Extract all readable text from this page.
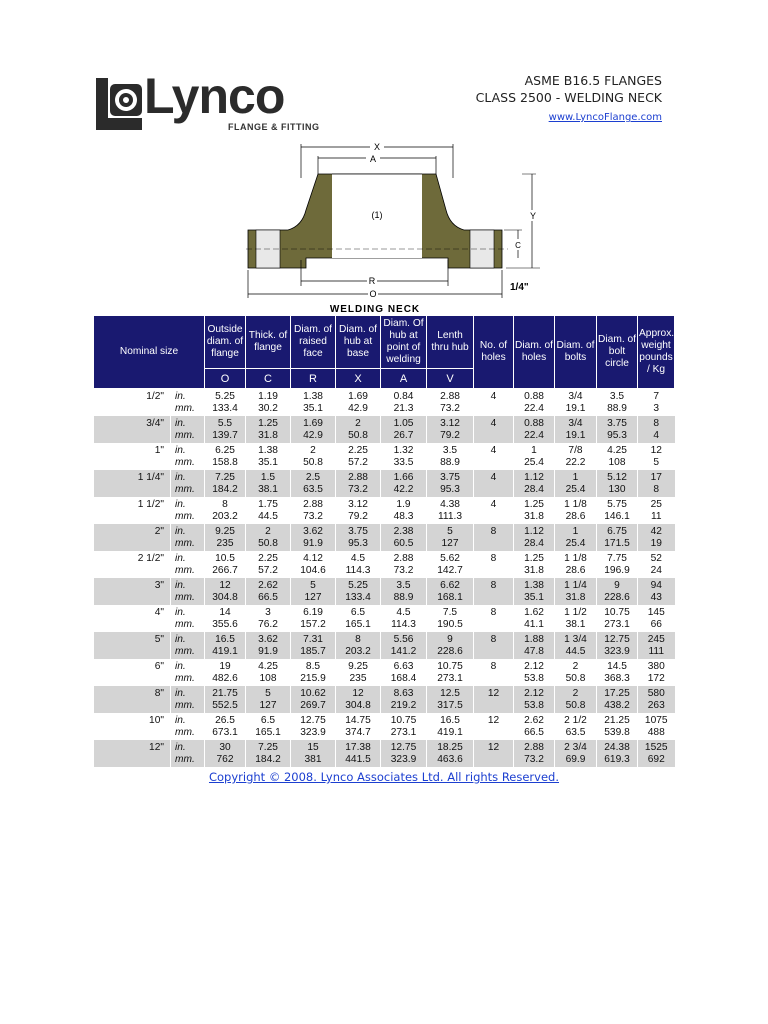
Lynco
FLANGE & FITTING
ASME B16.5 FLANGES
CLASS 2500 - WELDING NECK
www.LyncoFlange.com
X
A
(1)	Y
C
R
O
1/4"
WELDING NECK
Nominal size		Outside diam. of flange	Thick. of flange	Diam. of raised face	Diam. of hub at base	Diam. Of hub at point of welding	Lenth thru hub	No. of holes	Diam. of holes	Diam. of bolts	Diam. of bolt circle	Approx. weight pounds / Kg
		O	C	R	X	A	V					
1/2"	in.	5.25	1.19	1.38	1.69	0.84	2.88	4	0.88	3/4	3.5	7
	mm.	133.4	30.2	35.1	42.9	21.3	73.2		22.4	19.1	88.9	3
3/4"	in.	5.5	1.25	1.69	2	1.05	3.12	4	0.88	3/4	3.75	8
	mm.	139.7	31.8	42.9	50.8	26.7	79.2		22.4	19.1	95.3	4
1"	in.	6.25	1.38	2	2.25	1.32	3.5	4	1	7/8	4.25	12
	mm.	158.8	35.1	50.8	57.2	33.5	88.9		25.4	22.2	108	5
1 1/4"	in.	7.25	1.5	2.5	2.88	1.66	3.75	4	1.12	1	5.12	17
	mm.	184.2	38.1	63.5	73.2	42.2	95.3		28.4	25.4	130	8
1 1/2"	in.	8	1.75	2.88	3.12	1.9	4.38	4	1.25	1 1/8	5.75	25
	mm.	203.2	44.5	73.2	79.2	48.3	111.3		31.8	28.6	146.1	11
2"	in.	9.25	2	3.62	3.75	2.38	5	8	1.12	1	6.75	42
	mm.	235	50.8	91.9	95.3	60.5	127		28.4	25.4	171.5	19
2 1/2"	in.	10.5	2.25	4.12	4.5	2.88	5.62	8	1.25	1 1/8	7.75	52
	mm.	266.7	57.2	104.6	114.3	73.2	142.7		31.8	28.6	196.9	24
3"	in.	12	2.62	5	5.25	3.5	6.62	8	1.38	1 1/4	9	94
	mm.	304.8	66.5	127	133.4	88.9	168.1		35.1	31.8	228.6	43
4"	in.	14	3	6.19	6.5	4.5	7.5	8	1.62	1 1/2	10.75	145
	mm.	355.6	76.2	157.2	165.1	114.3	190.5		41.1	38.1	273.1	66
5"	in.	16.5	3.62	7.31	8	5.56	9	8	1.88	1 3/4	12.75	245
	mm.	419.1	91.9	185.7	203.2	141.2	228.6		47.8	44.5	323.9	111
6"	in.	19	4.25	8.5	9.25	6.63	10.75	8	2.12	2	14.5	380
	mm.	482.6	108	215.9	235	168.4	273.1		53.8	50.8	368.3	172
8"	in.	21.75	5	10.62	12	8.63	12.5	12	2.12	2	17.25	580
	mm.	552.5	127	269.7	304.8	219.2	317.5		53.8	50.8	438.2	263
10"	in.	26.5	6.5	12.75	14.75	10.75	16.5	12	2.62	2 1/2	21.25	1075
	mm.	673.1	165.1	323.9	374.7	273.1	419.1		66.5	63.5	539.8	488
12"	in.	30	7.25	15	17.38	12.75	18.25	12	2.88	2 3/4	24.38	1525
	mm.	762	184.2	381	441.5	323.9	463.6		73.2	69.9	619.3	692
Copyright © 2008. Lynco Associates Ltd. All rights Reserved.
